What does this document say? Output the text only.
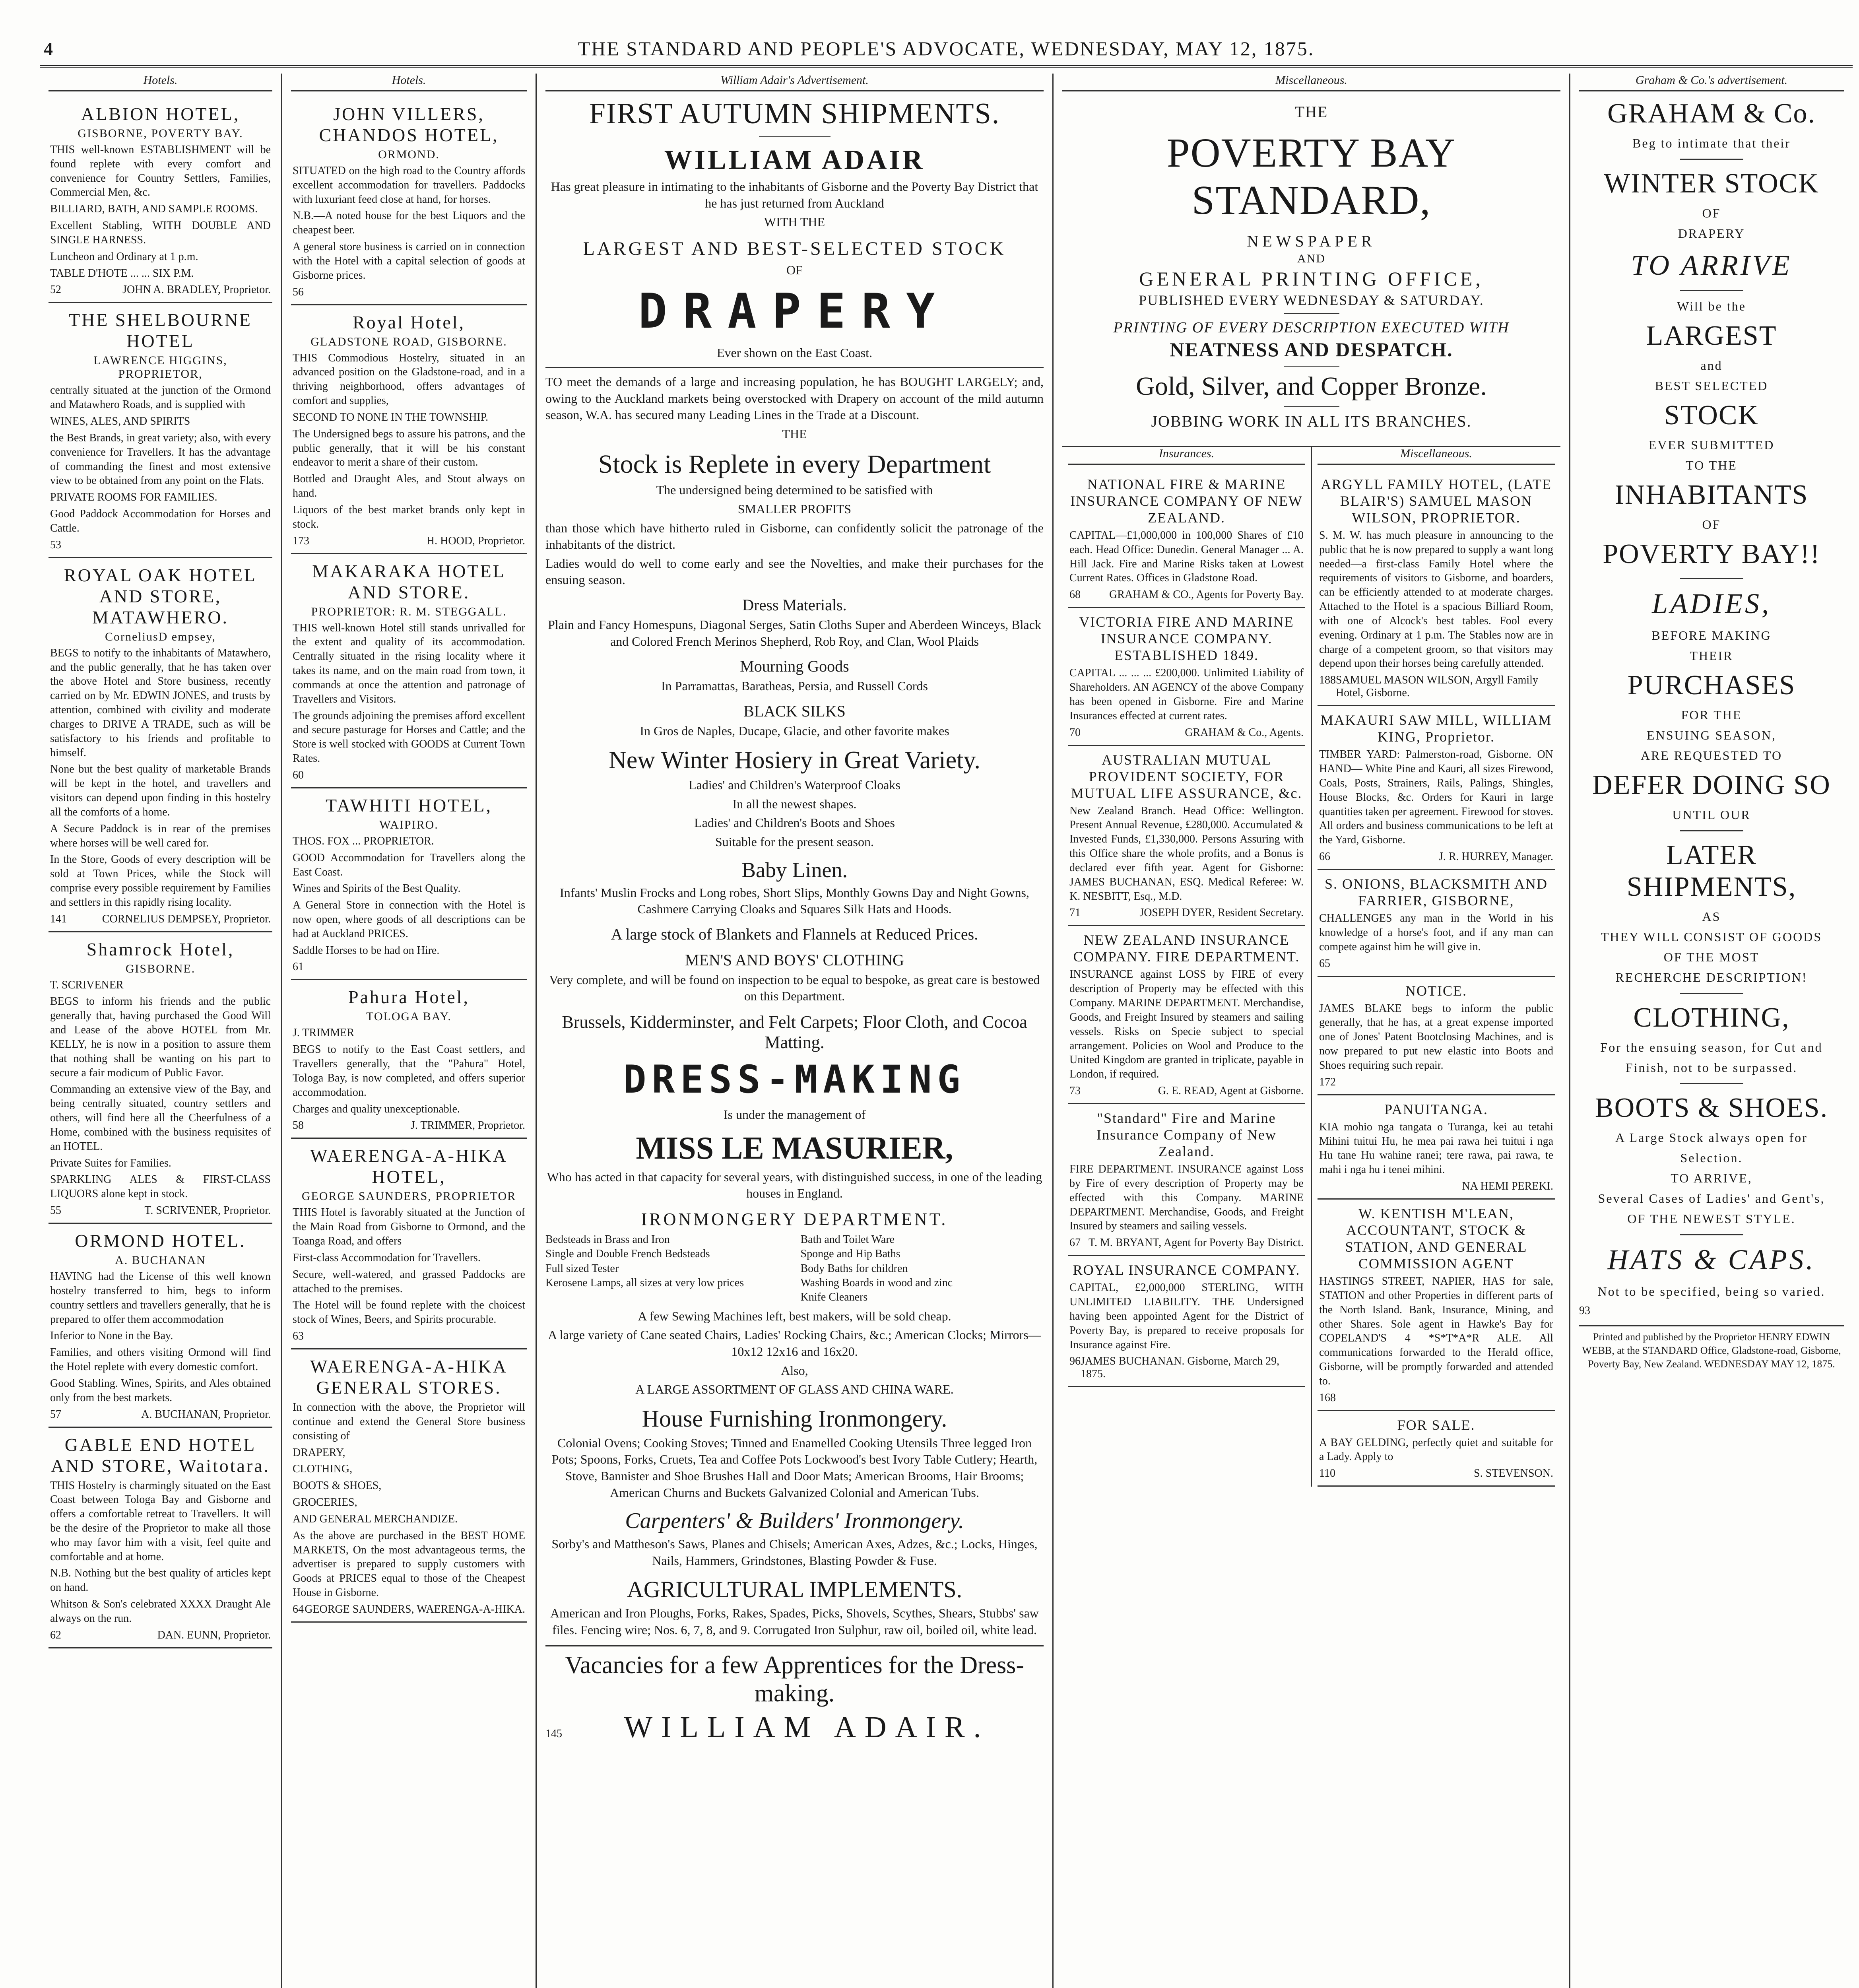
4	THE STANDARD AND PEOPLE'S ADVOCATE, WEDNESDAY, MAY 12, 1875.
Hotels.
ALBION HOTEL,
GISBORNE, POVERTY BAY.

THIS well-known ESTABLISHMENT will be found replete with every comfort and convenience for Country Settlers, Families, Commercial Men, &c.

BILLIARD, BATH, AND SAMPLE ROOMS.

Excellent Stabling, WITH DOUBLE AND SINGLE HARNESS.

Luncheon and Ordinary at 1 p.m.

TABLE D'HOTE ... ... SIX P.M.

52	JOHN A. BRADLEY, Proprietor.
THE SHELBOURNE HOTEL
LAWRENCE HIGGINS, PROPRIETOR,

centrally situated at the junction of the Ormond and Matawhero Roads, and is supplied with

WINES, ALES, AND SPIRITS

the Best Brands, in great variety; also, with every convenience for Travellers. It has the advantage of commanding the finest and most extensive view to be obtained from any point on the Flats.

PRIVATE ROOMS FOR FAMILIES.

Good Paddock Accommodation for Horses and Cattle.

53
ROYAL OAK HOTEL AND STORE, MATAWHERO.
CorneliusD empsey,

BEGS to notify to the inhabitants of Matawhero, and the public generally, that he has taken over the above Hotel and Store business, recently carried on by Mr. EDWIN JONES, and trusts by attention, combined with civility and moderate charges to DRIVE A TRADE, such as will be satisfactory to his friends and profitable to himself.

None but the best quality of marketable Brands will be kept in the hotel, and travellers and visitors can depend upon finding in this hostelry all the comforts of a home.

A Secure Paddock is in rear of the premises where horses will be well cared for.

In the Store, Goods of every description will be sold at Town Prices, while the Stock will comprise every possible requirement by Families and settlers in this rapidly rising locality.

141	CORNELIUS DEMPSEY, Proprietor.
Shamrock Hotel,
GISBORNE.

T. SCRIVENER

BEGS to inform his friends and the public generally that, having purchased the Good Will and Lease of the above HOTEL from Mr. KELLY, he is now in a position to assure them that nothing shall be wanting on his part to secure a fair modicum of Public Favor.

Commanding an extensive view of the Bay, and being centrally situated, country settlers and others, will find here all the Cheerfulness of a Home, combined with the business requisites of an HOTEL.

Private Suites for Families.

SPARKLING ALES & FIRST-CLASS LIQUORS alone kept in stock.

55	T. SCRIVENER, Proprietor.
ORMOND HOTEL.
A. BUCHANAN

HAVING had the License of this well known hostelry transferred to him, begs to inform country settlers and travellers generally, that he is prepared to offer them accommodation

Inferior to None in the Bay.

Families, and others visiting Ormond will find the Hotel replete with every domestic comfort.

Good Stabling. Wines, Spirits, and Ales obtained only from the best markets.

57	A. BUCHANAN, Proprietor.
GABLE END HOTEL AND STORE, Waitotara.

THIS Hostelry is charmingly situated on the East Coast between Tologa Bay and Gisborne and offers a comfortable retreat to Travellers. It will be the desire of the Proprietor to make all those who may favor him with a visit, feel quite and comfortable and at home.

N.B. Nothing but the best quality of articles kept on hand.

Whitson & Son's celebrated XXXX Draught Ale always on the run.

62	DAN. EUNN, Proprietor.
Hotels.
JOHN VILLERS, CHANDOS HOTEL,
ORMOND.

SITUATED on the high road to the Country affords excellent accommodation for travellers. Paddocks with luxuriant feed close at hand, for horses.

N.B.—A noted house for the best Liquors and the cheapest beer.

A general store business is carried on in connection with the Hotel with a capital selection of goods at Gisborne prices.

56
Royal Hotel,
GLADSTONE ROAD, GISBORNE.

THIS Commodious Hostelry, situated in an advanced position on the Gladstone-road, and in a thriving neighborhood, offers advantages of comfort and supplies,

SECOND TO NONE IN THE TOWNSHIP.

The Undersigned begs to assure his patrons, and the public generally, that it will be his constant endeavor to merit a share of their custom.

Bottled and Draught Ales, and Stout always on hand.

Liquors of the best market brands only kept in stock.

173	H. HOOD, Proprietor.
MAKARAKA HOTEL AND STORE.
PROPRIETOR: R. M. STEGGALL.

THIS well-known Hotel still stands unrivalled for the extent and quality of its accommodation. Centrally situated in the rising locality where it takes its name, and on the main road from town, it commands at once the attention and patronage of Travellers and Visitors.

The grounds adjoining the premises afford excellent and secure pasturage for Horses and Cattle; and the Store is well stocked with GOODS at Current Town Rates.

60
TAWHITI HOTEL,
WAIPIRO.

THOS. FOX ... PROPRIETOR.

GOOD Accommodation for Travellers along the East Coast.

Wines and Spirits of the Best Quality.

A General Store in connection with the Hotel is now open, where goods of all descriptions can be had at Auckland PRICES.

Saddle Horses to be had on Hire.

61
Pahura Hotel,
TOLOGA BAY.

J. TRIMMER

BEGS to notify to the East Coast settlers, and Travellers generally, that the "Pahura" Hotel, Tologa Bay, is now completed, and offers superior accommodation.

Charges and quality unexceptionable.

58	J. TRIMMER, Proprietor.
WAERENGA-A-HIKA HOTEL,
GEORGE SAUNDERS, PROPRIETOR

THIS Hotel is favorably situated at the Junction of the Main Road from Gisborne to Ormond, and the Toanga Road, and offers

First-class Accommodation for Travellers.

Secure, well-watered, and grassed Paddocks are attached to the premises.

The Hotel will be found replete with the choicest stock of Wines, Beers, and Spirits procurable.

63
WAERENGA-A-HIKA GENERAL STORES.

In connection with the above, the Proprietor will continue and extend the General Store business consisting of

DRAPERY,

CLOTHING,

BOOTS & SHOES,

GROCERIES,

AND GENERAL MERCHANDIZE.

As the above are purchased in the BEST HOME MARKETS, On the most advantageous terms, the advertiser is prepared to supply customers with Goods at PRICES equal to those of the Cheapest House in Gisborne.

64 GEORGE SAUNDERS, WAERENGA-A-HIKA.
William Adair's Advertisement.
FIRST AUTUMN SHIPMENTS.
WILLIAM ADAIR
Has great pleasure in intimating to the inhabitants of Gisborne and the Poverty Bay District that he has just returned from Auckland
WITH THE
LARGEST AND BEST-SELECTED STOCK
OF
DRAPERY
Ever shown on the East Coast.
TO meet the demands of a large and increasing population, he has BOUGHT LARGELY; and, owing to the Auckland markets being overstocked with Drapery on account of the mild autumn season, W.A. has secured many Leading Lines in the Trade at a Discount.
THE
Stock is Replete in every Department
The undersigned being determined to be satisfied with
SMALLER PROFITS
than those which have hitherto ruled in Gisborne, can confidently solicit the patronage of the inhabitants of the district.
Ladies would do well to come early and see the Novelties, and make their purchases for the ensuing season.
Dress Materials.
Plain and Fancy Homespuns, Diagonal Serges, Satin Cloths Super and Aberdeen Winceys, Black and Colored French Merinos Shepherd, Rob Roy, and Clan, Wool Plaids
Mourning Goods
In Parramattas, Baratheas, Persia, and Russell Cords
BLACK SILKS
In Gros de Naples, Ducape, Glacie, and other favorite makes
New Winter Hosiery in Great Variety.
Ladies' and Children's Waterproof Cloaks
In all the newest shapes.
Ladies' and Children's Boots and Shoes
Suitable for the present season.
Baby Linen.
Infants' Muslin Frocks and Long robes, Short Slips, Monthly Gowns Day and Night Gowns, Cashmere Carrying Cloaks and Squares Silk Hats and Hoods.
A large stock of Blankets and Flannels at Reduced Prices.
MEN'S AND BOYS' CLOTHING
Very complete, and will be found on inspection to be equal to bespoke, as great care is bestowed on this Department.
Brussels, Kidderminster, and Felt Carpets; Floor Cloth, and Cocoa Matting.
DRESS-MAKING
Is under the management of
MISS LE MASURIER,
Who has acted in that capacity for several years, with distinguished success, in one of the leading houses in England.
IRONMONGERY DEPARTMENT.
Bedsteads in Brass and Iron
Single and Double French Bedsteads
Full sized Tester
Kerosene Lamps, all sizes at very low prices
Bath and Toilet Ware
Sponge and Hip Baths
Body Baths for children
Washing Boards in wood and zinc
Knife Cleaners
A few Sewing Machines left, best makers, will be sold cheap.
A large variety of Cane seated Chairs, Ladies' Rocking Chairs, &c.; American Clocks; Mirrors—10x12 12x16 and 16x20.
Also,
A LARGE ASSORTMENT OF GLASS AND CHINA WARE.
House Furnishing Ironmongery.
Colonial Ovens; Cooking Stoves; Tinned and Enamelled Cooking Utensils Three legged Iron Pots; Spoons, Forks, Cruets, Tea and Coffee Pots Lockwood's best Ivory Table Cutlery; Hearth, Stove, Bannister and Shoe Brushes Hall and Door Mats; American Brooms, Hair Brooms; American Churns and Buckets Galvanized Colonial and American Tubs.
Carpenters' & Builders' Ironmongery.
Sorby's and Mattheson's Saws, Planes and Chisels; American Axes, Adzes, &c.; Locks, Hinges, Nails, Hammers, Grindstones, Blasting Powder & Fuse.
AGRICULTURAL IMPLEMENTS.
American and Iron Ploughs, Forks, Rakes, Spades, Picks, Shovels, Scythes, Shears, Stubbs' saw files. Fencing wire; Nos. 6, 7, 8, and 9. Corrugated Iron Sulphur, raw oil, boiled oil, white lead.
Vacancies for a few Apprentices for the Dress-making.
145	WILLIAM ADAIR.
Miscellaneous.
THE
POVERTY BAY STANDARD,
NEWSPAPER
AND
GENERAL PRINTING OFFICE,
PUBLISHED EVERY WEDNESDAY & SATURDAY.
PRINTING OF EVERY DESCRIPTION EXECUTED WITH
NEATNESS AND DESPATCH.
Gold, Silver, and Copper Bronze.
JOBBING WORK IN ALL ITS BRANCHES.
Insurances.
NATIONAL FIRE & MARINE INSURANCE COMPANY OF NEW ZEALAND.

CAPITAL—£1,000,000 in 100,000 Shares of £10 each. Head Office: Dunedin. General Manager ... A. Hill Jack. Fire and Marine Risks taken at Lowest Current Rates. Offices in Gladstone Road.

68	GRAHAM & CO., Agents for Poverty Bay.
VICTORIA FIRE AND MARINE INSURANCE COMPANY. ESTABLISHED 1849.

CAPITAL ... ... ... £200,000. Unlimited Liability of Shareholders. AN AGENCY of the above Company has been opened in Gisborne. Fire and Marine Insurances effected at current rates.

70	GRAHAM & Co., Agents.
AUSTRALIAN MUTUAL PROVIDENT SOCIETY, FOR MUTUAL LIFE ASSURANCE, &c.

New Zealand Branch. Head Office: Wellington. Present Annual Revenue, £280,000. Accumulated & Invested Funds, £1,330,000. Persons Assuring with this Office share the whole profits, and a Bonus is declared ever fifth year. Agent for Gisborne: JAMES BUCHANAN, ESQ. Medical Referee: W. K. NESBITT, Esq., M.D.

71	JOSEPH DYER, Resident Secretary.
NEW ZEALAND INSURANCE COMPANY. FIRE DEPARTMENT.

INSURANCE against LOSS by FIRE of every description of Property may be effected with this Company. MARINE DEPARTMENT. Merchandise, Goods, and Freight Insured by steamers and sailing vessels. Risks on Specie subject to special arrangement. Policies on Wool and Produce to the United Kingdom are granted in triplicate, payable in London, if required.

73	G. E. READ, Agent at Gisborne.
"Standard" Fire and Marine Insurance Company of New Zealand.

FIRE DEPARTMENT. INSURANCE against Loss by Fire of every description of Property may be effected with this Company. MARINE DEPARTMENT. Merchandise, Goods, and Freight Insured by steamers and sailing vessels.

67 T. M. BRYANT, Agent for Poverty Bay District.
ROYAL INSURANCE COMPANY.

CAPITAL, £2,000,000 STERLING, WITH UNLIMITED LIABILITY. THE Undersigned having been appointed Agent for the District of Poverty Bay, is prepared to receive proposals for Insurance against Fire.

96 JAMES BUCHANAN. Gisborne, March 29, 1875.
Miscellaneous.
ARGYLL FAMILY HOTEL, (LATE BLAIR'S) SAMUEL MASON WILSON, PROPRIETOR.

S. M. W. has much pleasure in announcing to the public that he is now prepared to supply a want long needed—a first-class Family Hotel where the requirements of visitors to Gisborne, and boarders, can be efficiently attended to at moderate charges. Attached to the Hotel is a spacious Billiard Room, with one of Alcock's best tables. Fool every evening. Ordinary at 1 p.m. The Stables now are in charge of a competent groom, so that visitors may depend upon their horses being carefully attended.

188 SAMUEL MASON WILSON, Argyll Family Hotel, Gisborne.
MAKAURI SAW MILL, WILLIAM KING, Proprietor.

TIMBER YARD: Palmerston-road, Gisborne. ON HAND— White Pine and Kauri, all sizes Firewood, Coals, Posts, Strainers, Rails, Palings, Shingles, House Blocks, &c. Orders for Kauri in large quantities taken per agreement. Firewood for stoves. All orders and business communications to be left at the Yard, Gisborne.

66	J. R. HURREY, Manager.
S. ONIONS, BLACKSMITH AND FARRIER, GISBORNE,

CHALLENGES any man in the World in his knowledge of a horse's foot, and if any man can compete against him he will give in.

65
NOTICE.

JAMES BLAKE begs to inform the public generally, that he has, at a great expense imported one of Jones' Patent Bootclosing Machines, and is now prepared to put new elastic into Boots and Shoes requiring such repair.

172
PANUITANGA.

KIA mohio nga tangata o Turanga, kei au tetahi Mihini tuitui Hu, he mea pai rawa hei tuitui i nga Hu tane Hu wahine ranei; tere rawa, pai rawa, te mahi i nga hu i tenei mihini.

NA HEMI PEREKI.
W. KENTISH M'LEAN, ACCOUNTANT, STOCK & STATION, AND GENERAL COMMISSION AGENT

HASTINGS STREET, NAPIER, HAS for sale, STATION and other Properties in different parts of the North Island. Bank, Insurance, Mining, and other Shares. Sole agent in Hawke's Bay for COPELAND'S 4 *S*T*A*R ALE. All communications forwarded to the Herald office, Gisborne, will be promptly forwarded and attended to.

168
FOR SALE.

A BAY GELDING, perfectly quiet and suitable for a Lady. Apply to

110	S. STEVENSON.
Graham & Co.'s advertisement.
GRAHAM & Co.
Beg to intimate that their
WINTER STOCK
OF
DRAPERY
TO ARRIVE
Will be the
LARGEST
and
BEST SELECTED
STOCK
EVER SUBMITTED
TO THE
INHABITANTS
OF
POVERTY BAY!!
LADIES,
BEFORE MAKING
THEIR
PURCHASES
FOR THE
ENSUING SEASON,
ARE REQUESTED TO
DEFER DOING SO
UNTIL OUR
LATER SHIPMENTS,
AS
THEY WILL CONSIST OF GOODS
OF THE MOST
RECHERCHE DESCRIPTION!
CLOTHING,
For the ensuing season, for Cut and
Finish, not to be surpassed.
BOOTS & SHOES.
A Large Stock always open for
Selection.
TO ARRIVE,
Several Cases of Ladies' and Gent's,
OF THE NEWEST STYLE.
HATS & CAPS.
Not to be specified, being so varied.
93
Printed and published by the Proprietor HENRY EDWIN WEBB, at the STANDARD Office, Gladstone-road, Gisborne, Poverty Bay, New Zealand. WEDNESDAY MAY 12, 1875.
